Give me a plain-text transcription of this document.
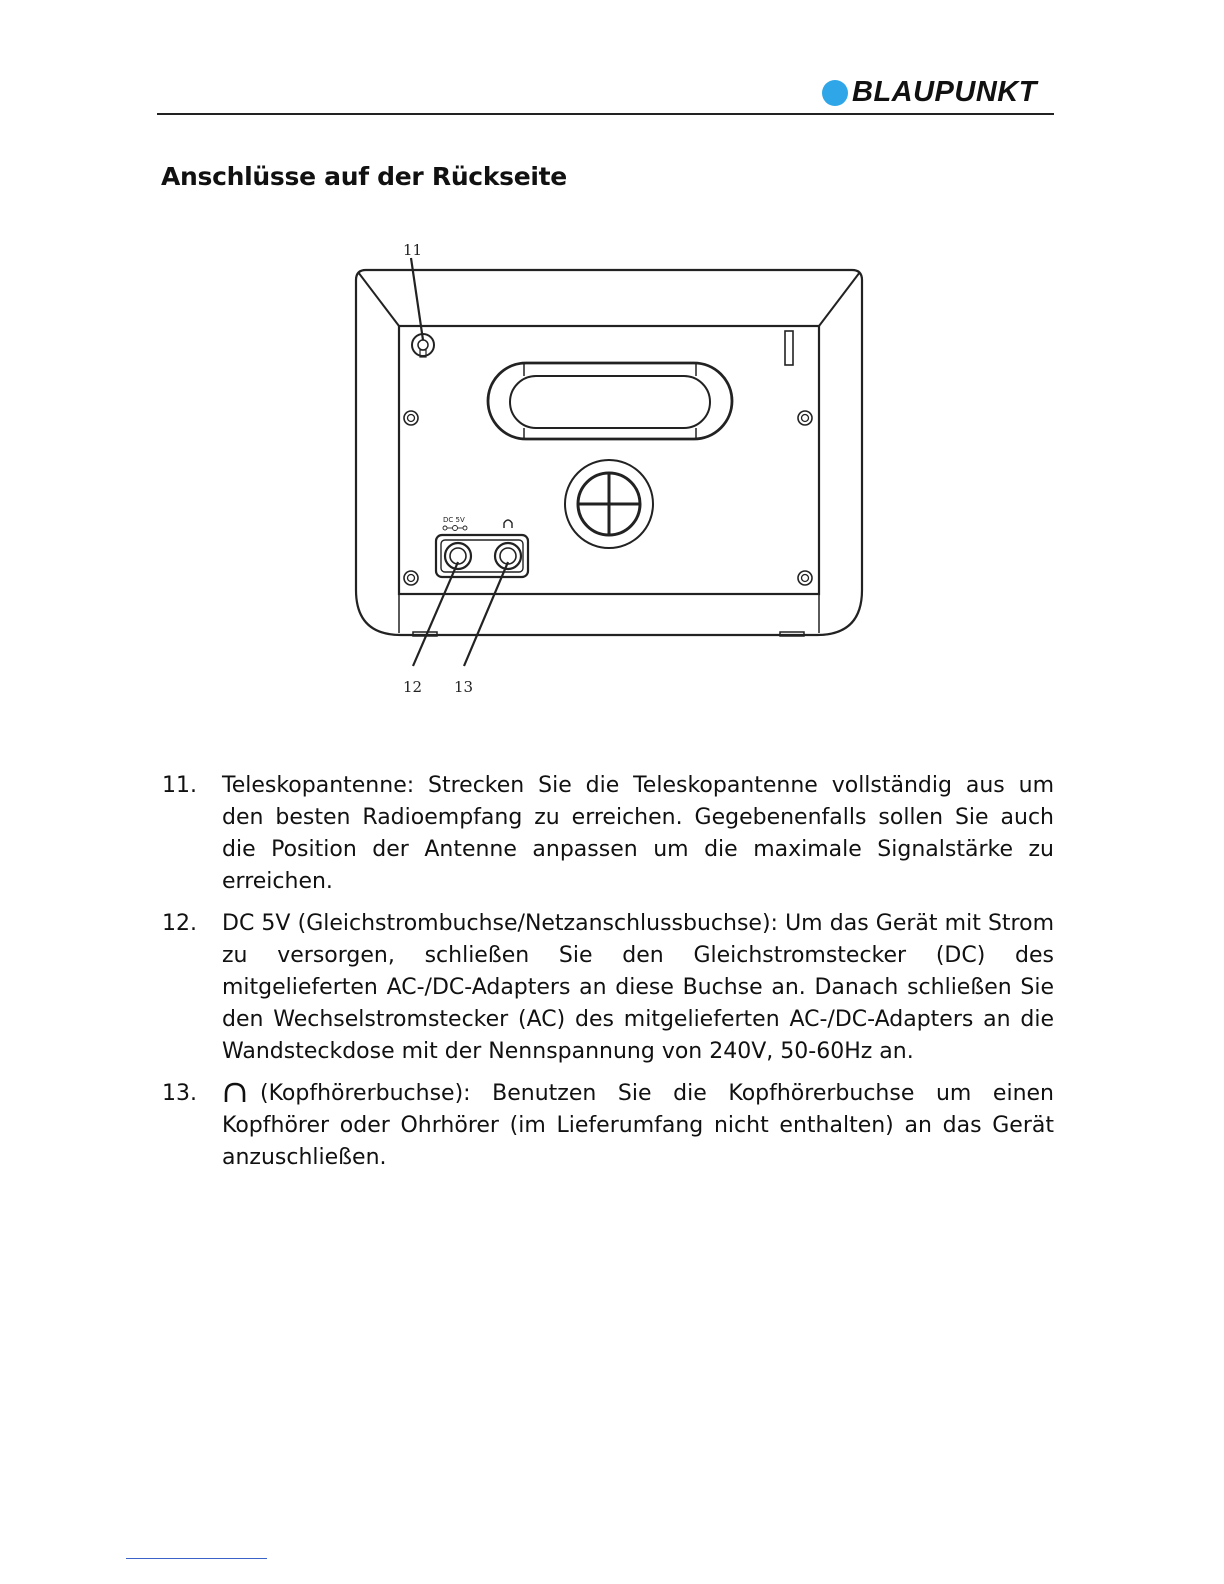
BLAUPUNKT
Anschlüsse auf der Rückseite
DC 5V
11
12 13
11.	Teleskopantenne: Strecken Sie die Teleskopantenne vollständig aus um den besten Radioempfang zu erreichen. Gegebenenfalls sollen Sie auch die Position der Antenne anpassen um die maximale Signalstärke zu erreichen.
12.	DC 5V (Gleichstrombuchse/Netzanschlussbuchse): Um das Gerät mit Strom zu versorgen, schließen Sie den Gleichstromstecker (DC) des mitgelieferten AC-/DC-Adapters an diese Buchse an. Danach schließen Sie den Wechselstromstecker (AC) des mitgelieferten AC-/DC-Adapters an die Wandsteckdose mit der Nennspannung von 240V, 50-60Hz an.
13.	(Kopfhörerbuchse): Benutzen Sie die Kopfhörerbuchse um einen Kopfhörer oder Ohrhörer (im Lieferumfang nicht enthalten) an das Gerät anzuschließen.
